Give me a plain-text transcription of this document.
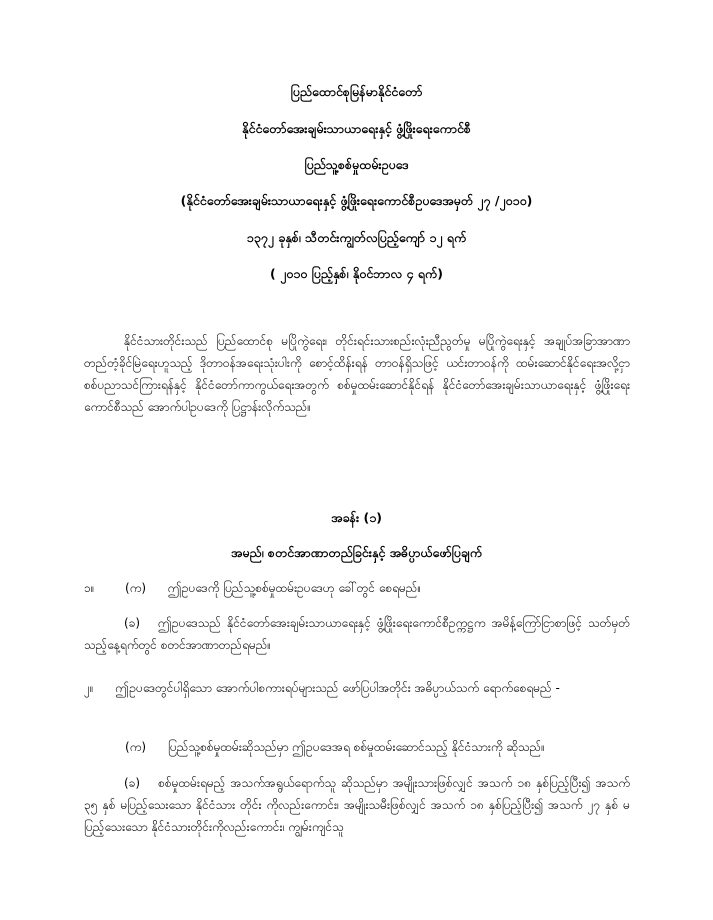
ပြည်ထောင်စုမြန်မာနိုင်ငံတော်
နိုင်ငံတော်အေးချမ်းသာယာရေးနှင့် ဖွံ့ဖြိုးရေးကောင်စီ
ပြည်သူ့စစ်မှုထမ်းဥပဒေ
(နိုင်ငံတော်အေးချမ်းသာယာရေးနှင့် ဖွံ့ဖြိုးရေးကောင်စီဥပဒေအမှတ် ၂၇ /၂၀၁၀)
၁၃၇၂ ခုနှစ်၊ သီတင်းကျွတ်လပြည့်ကျော် ၁၂ ရက်
( ၂၀၁၀ ပြည့်နှစ်၊ နိုဝင်ဘာလ ၄ ရက်)
နိုင်ငံသားတိုင်းသည် ပြည်ထောင်စု မပြိုကွဲရေး၊ တိုင်းရင်းသားစည်းလုံးညီညွတ်မှု မပြိုကွဲရေးနှင့် အချုပ်အခြာအာဏာ တည်တံ့ခိုင်မြဲရေးဟူသည့် ဒိုတာဝန်အရေးသုံးပါးကို စောင့်ထိန်းရန် တာဝန်ရှိသဖြင့် ယင်းတာဝန်ကို ထမ်းဆောင်နိုင်ရေးအလို့ငှာ စစ်ပညာသင်ကြားရန်နှင့် နိုင်ငံတော်ကာကွယ်ရေးအတွက် စစ်မှုထမ်းဆောင်နိုင်ရန် နိုင်ငံတော်အေးချမ်းသာယာရေးနှင့် ဖွံ့ဖြိုးရေးကောင်စီသည် အောက်ပါဥပဒေကို ပြဋ္ဌာန်းလိုက်သည်။
အခန်း (၁)
အမည်၊ စတင်အာဏာတည်ခြင်းနှင့် အဓိပ္ပာယ်ဖော်ပြချက်
၁။	(က) ဤဥပဒေကို ပြည်သူ့စစ်မှုထမ်းဥပဒေဟု ခေါ်တွင် စေရမည်။
(ခ) ဤဥပဒေသည် နိုင်ငံတော်အေးချမ်းသာယာရေးနှင့် ဖွံ့ဖြိုးရေးကောင်စီဥက္ကဋ္ဌက အမိန့်ကြော်ငြာစာဖြင့် သတ်မှတ်သည့်နေ့ရက်တွင် စတင်အာဏာတည်ရမည်။
၂။ ဤဥပဒေတွင်ပါရှိသော အောက်ပါစကားရပ်များသည် ဖော်ပြပါအတိုင်း အဓိပ္ပာယ်သက် ရောက်စေရမည် -
(က) ပြည်သူ့စစ်မှုထမ်းဆိုသည်မှာ ဤဥပဒေအရ စစ်မှုထမ်းဆောင်သည့် နိုင်ငံသားကို ဆိုသည်။
(ခ) စစ်မှုထမ်းရမည့် အသက်အရွယ်ရောက်သူ ဆိုသည်မှာ အမျိုးသားဖြစ်လျှင် အသက် ၁၈ နှစ်ပြည့်ပြီး၍ အသက် ၃၅ နှစ် မပြည့်သေးသော နိုင်ငံသား တိုင်း ကိုလည်းကောင်း၊ အမျိုးသမီးဖြစ်လျှင် အသက် ၁၈ နှစ်ပြည့်ပြီး၍ အသက် ၂၇ နှစ် မပြည့်သေးသော နိုင်ငံသားတိုင်းကိုလည်းကောင်း၊ ကျွမ်းကျင်သူ
